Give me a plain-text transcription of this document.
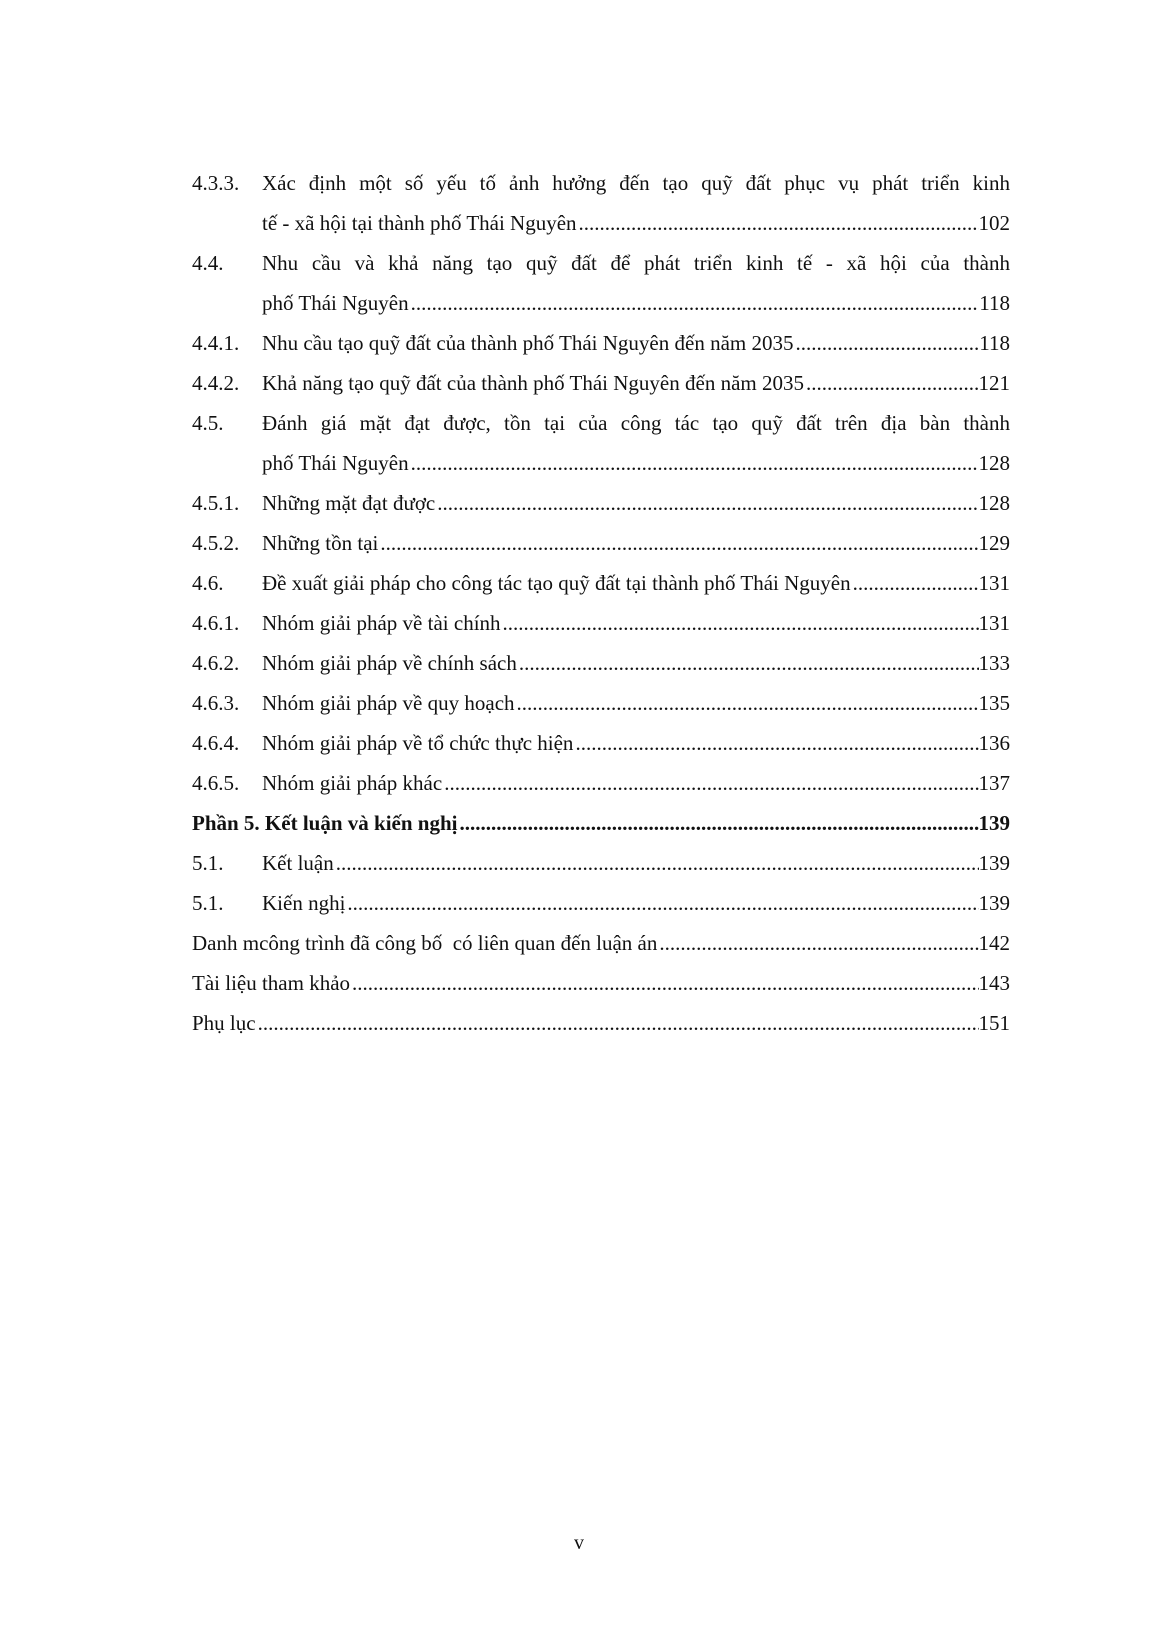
4.3.3.	Xác định một số yếu tố ảnh hưởng đến tạo quỹ đất phục vụ phát triển kinh
tế - xã hội tại thành phố Thái Nguyên .....	102
4.4.	Nhu cầu và khả năng tạo quỹ đất để phát triển kinh tế - xã hội của thành
phố Thái Nguyên .....	118
4.4.1.	Nhu cầu tạo quỹ đất của thành phố Thái Nguyên đến năm 2035 .....	118
4.4.2.	Khả năng tạo quỹ đất của thành phố Thái Nguyên đến năm 2035 .....	121
4.5.	Đánh giá mặt đạt được, tồn tại của công tác tạo quỹ đất trên địa bàn thành
phố Thái Nguyên .....	128
4.5.1.	Những mặt đạt được .....	128
4.5.2.	Những tồn tại .....	129
4.6.	Đề xuất giải pháp cho công tác tạo quỹ đất tại thành phố Thái Nguyên .....	131
4.6.1.	Nhóm giải pháp về tài chính .....	131
4.6.2.	Nhóm giải pháp về chính sách .....	133
4.6.3.	Nhóm giải pháp về quy hoạch .....	135
4.6.4.	Nhóm giải pháp về tổ chức thực hiện .....	136
4.6.5.	Nhóm giải pháp khác .....	137
Phần 5. Kết luận và kiến nghị .....	139
5.1.	Kết luận .....	139
5.1.	Kiến nghị .....	139
Danh mcông trình đã công bố  có liên quan đến luận án .....	142
Tài liệu tham khảo .....	143
Phụ lục .....	151
v
